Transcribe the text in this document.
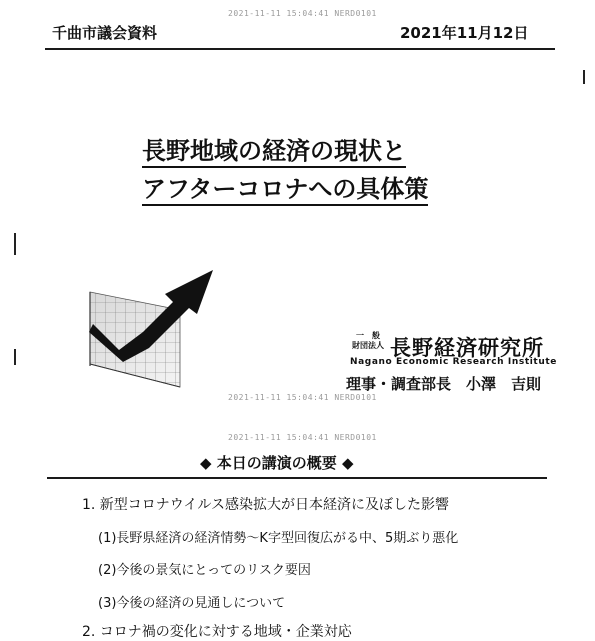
千曲市議会資料	2021年11月12日
2021-11-11 15:04:41 NERD0101
2021-11-11 15:04:41 NERD0101
2021-11-11 15:04:41 NERD0101
長野地域の経済の現状と
アフターコロナへの具体策
一　般
財団法人 長野経済研究所
Nagano Economic Research Institute
理事・調査部長　小澤　吉則
◆ 本日の講演の概要 ◆
1. 新型コロナウイルス感染拡大が日本経済に及ぼした影響
(1)長野県経済の経済情勢～K字型回復広がる中、5期ぶり悪化
(2)今後の景気にとってのリスク要因
(3)今後の経済の見通しについて
2. コロナ禍の変化に対する地域・企業対応
